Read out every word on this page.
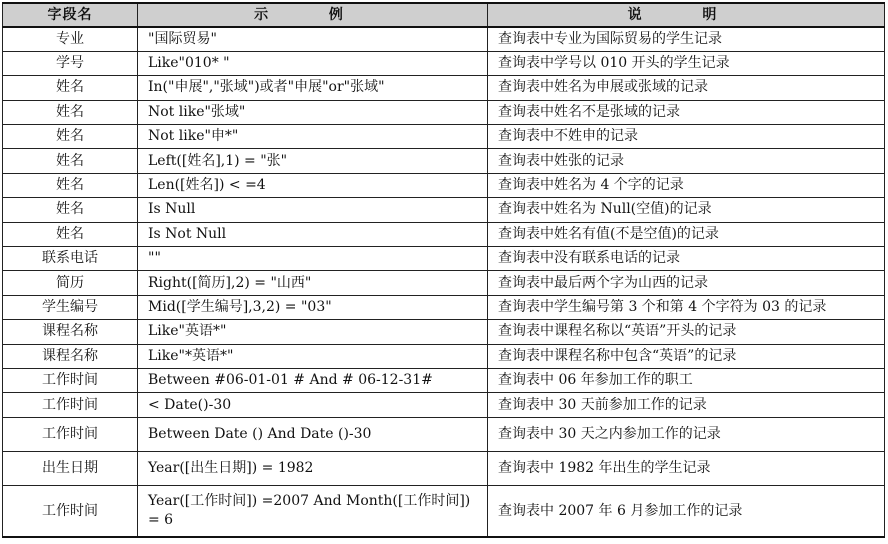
字段名	示 例	说 明
专业	"国际贸易"	查询表中专业为国际贸易的学生记录
学号	Like"010* "	查询表中学号以 010 开头的学生记录
姓名	In("申展","张域")或者"申展"or"张域"	查询表中姓名为申展或张域的记录
姓名	Not like"张域"	查询表中姓名不是张域的记录
姓名	Not like"申*"	查询表中不姓申的记录
姓名	Left([姓名],1) = "张"	查询表中姓张的记录
姓名	Len([姓名]) < =4	查询表中姓名为 4 个字的记录
姓名	Is Null	查询表中姓名为 Null(空值)的记录
姓名	Is Not Null	查询表中姓名有值(不是空值)的记录
联系电话	""	查询表中没有联系电话的记录
简历	Right([简历],2) = "山西"	查询表中最后两个字为山西的记录
学生编号	Mid([学生编号],3,2) = "03"	查询表中学生编号第 3 个和第 4 个字符为 03 的记录
课程名称	Like"英语*"	查询表中课程名称以“英语”开头的记录
课程名称	Like"*英语*"	查询表中课程名称中包含“英语”的记录
工作时间	Between #06-01-01 # And # 06-12-31#	查询表中 06 年参加工作的职工
工作时间	< Date()-30	查询表中 30 天前参加工作的记录
工作时间	Between Date () And Date ()-30	查询表中 30 天之内参加工作的记录
出生日期	Year([出生日期]) = 1982	查询表中 1982 年出生的学生记录
工作时间	Year([工作时间]) =2007 And Month([工作时间]) = 6	查询表中 2007 年 6 月参加工作的记录
